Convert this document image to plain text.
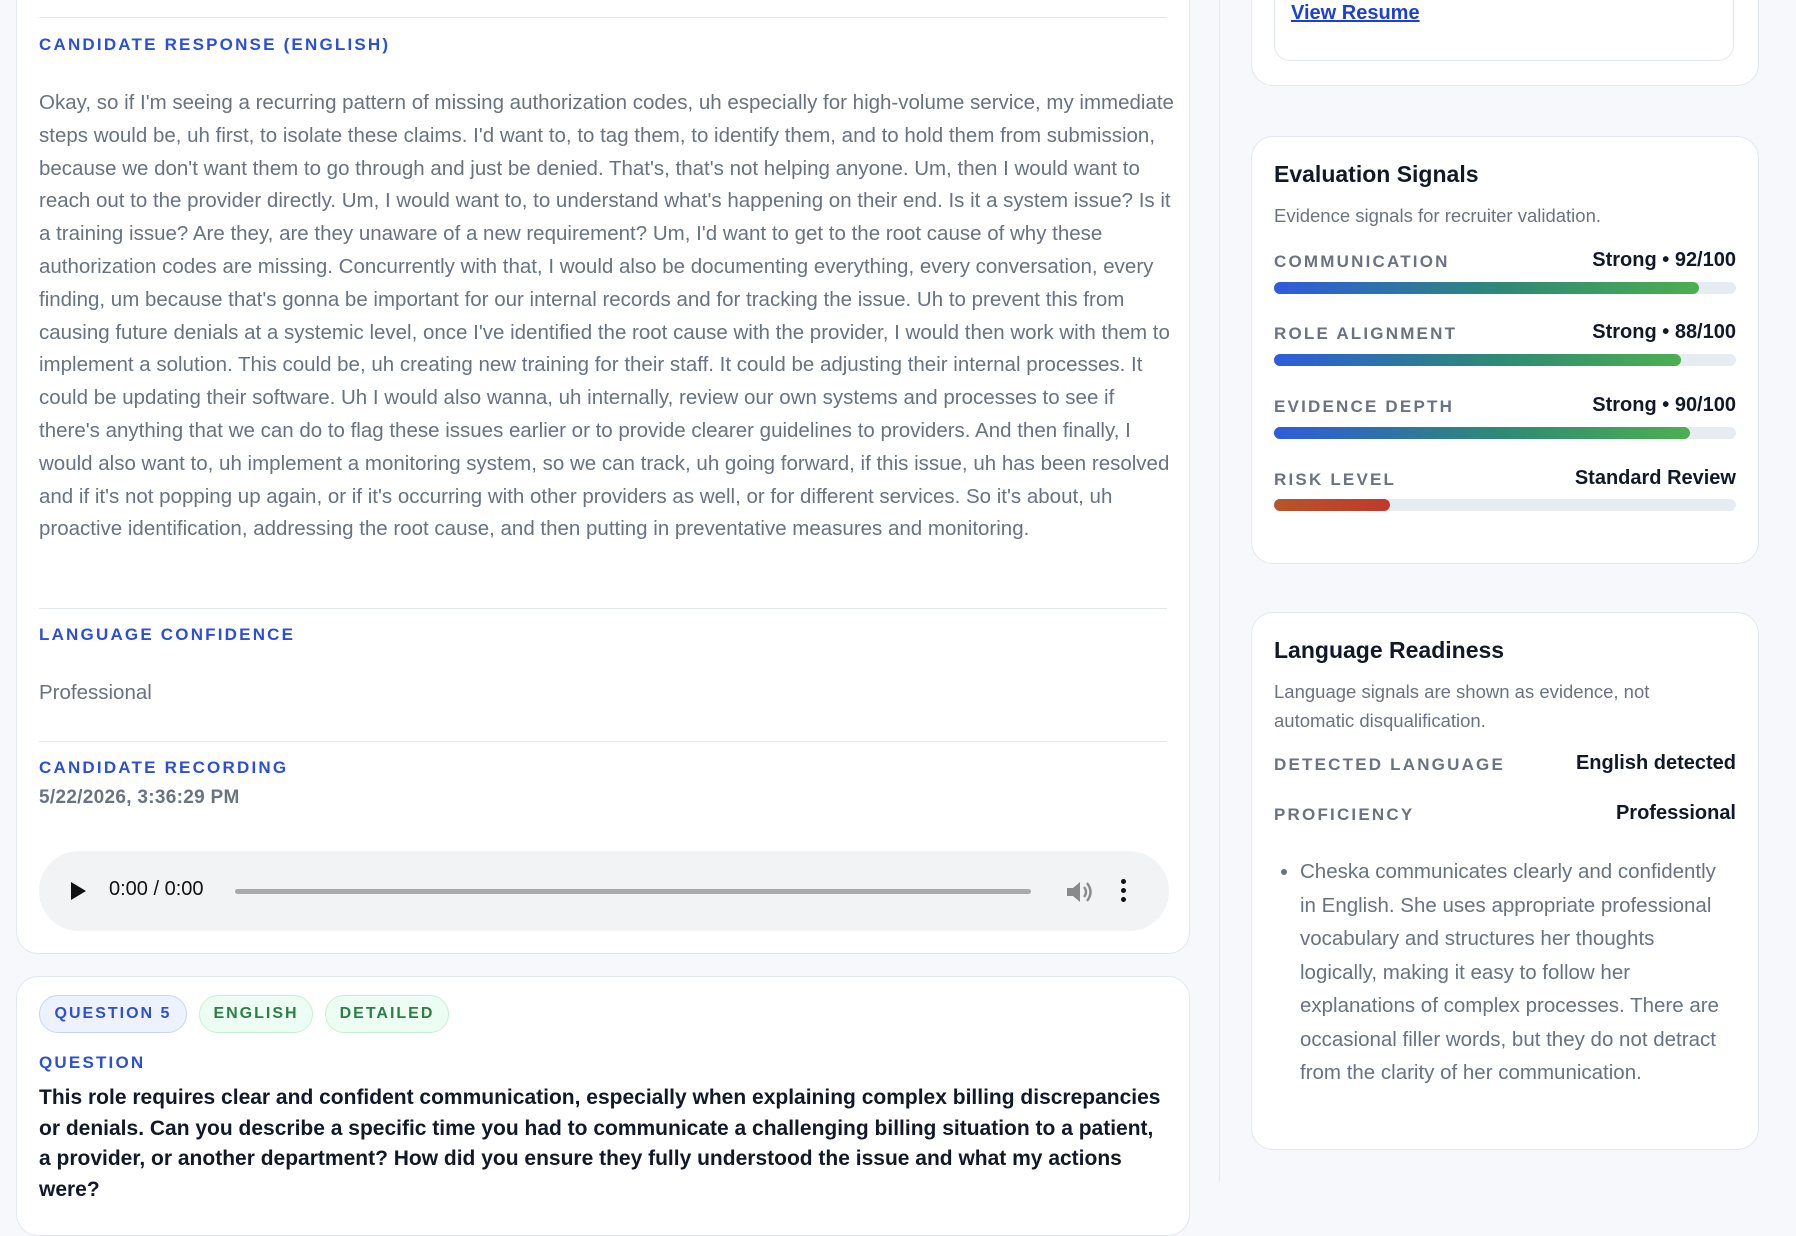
CANDIDATE RESPONSE (ENGLISH)
Okay, so if I'm seeing a recurring pattern of missing authorization codes, uh especially for high-volume service, my immediate steps would be, uh first, to isolate these claims. I'd want to, to tag them, to identify them, and to hold them from submission, because we don't want them to go through and just be denied. That's, that's not helping anyone. Um, then I would want to reach out to the provider directly. Um, I would want to, to understand what's happening on their end. Is it a system issue? Is it a training issue? Are they, are they unaware of a new requirement? Um, I'd want to get to the root cause of why these authorization codes are missing. Concurrently with that, I would also be documenting everything, every conversation, every finding, um because that's gonna be important for our internal records and for tracking the issue. Uh to prevent this from causing future denials at a systemic level, once I've identified the root cause with the provider, I would then work with them to implement a solution. This could be, uh creating new training for their staff. It could be adjusting their internal processes. It could be updating their software. Uh I would also wanna, uh internally, review our own systems and processes to see if there's anything that we can do to flag these issues earlier or to provide clearer guidelines to providers. And then finally, I would also want to, uh implement a monitoring system, so we can track, uh going forward, if this issue, uh has been resolved and if it's not popping up again, or if it's occurring with other providers as well, or for different services. So it's about, uh proactive identification, addressing the root cause, and then putting in preventative measures and monitoring.
LANGUAGE CONFIDENCE
Professional
CANDIDATE RECORDING
5/22/2026, 3:36:29 PM
0:00 / 0:00
QUESTION 5	ENGLISH	DETAILED
QUESTION
This role requires clear and confident communication, especially when explaining complex billing discrepancies or denials. Can you describe a specific time you had to communicate a challenging billing situation to a patient, a provider, or another department? How did you ensure they fully understood the issue and what my actions were?
View Resume
Evaluation Signals
Evidence signals for recruiter validation.
COMMUNICATION	Strong • 92/100
ROLE ALIGNMENT	Strong • 88/100
EVIDENCE DEPTH	Strong • 90/100
RISK LEVEL	Standard Review
Language Readiness
Language signals are shown as evidence, not automatic disqualification.
DETECTED LANGUAGE	English detected
PROFICIENCY	Professional
• Cheska communicates clearly and confidently in English. She uses appropriate professional vocabulary and structures her thoughts logically, making it easy to follow her explanations of complex processes. There are occasional filler words, but they do not detract from the clarity of her communication.
